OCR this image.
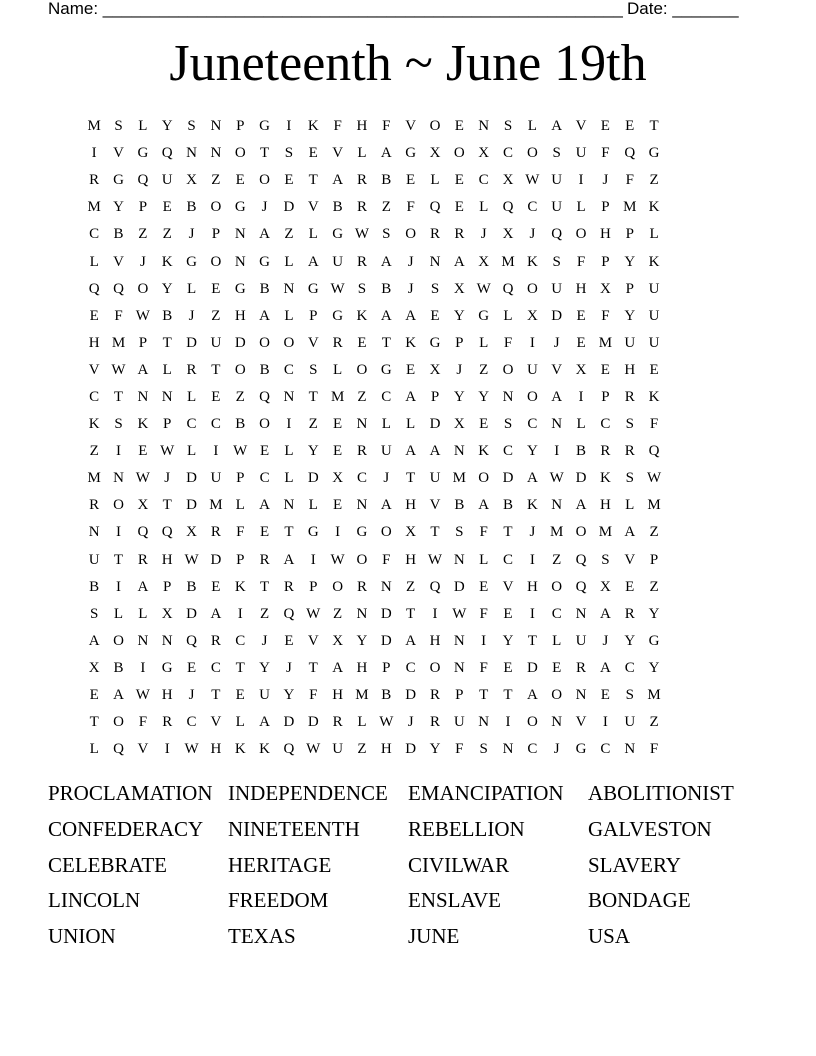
Name: _______________________________________________________ Date: _______
Juneteenth ~ June 19th
M S	L Y S N P G	I	K F H F V O E N S	L A V E	E	T
I	V G Q N N O T	S	E V L A G X O X C O S U F Q G
R G Q U X Z	E O E	T A R B E	L	E C X W U	I	J	F	Z
M Y P	E B O G	J	D V B R Z	F Q E	L Q C U L	P M K
C B Z	Z	J	P N A Z	L G W S O R R	J	X	J	Q O H P	L
L V	J	K G O N G L A U R A	J	N A X M K S	F	P Y K
Q Q O Y L	E G B N G W S	B	J	S X W Q O U H X P U
E	F W B	J	Z H A L	P G K A A E Y G L X D E	F Y U
H M P	T D U D O O V R E	T K G P	L	F	I	J	E M U U
V W A L R T O B C	S	L O G E X	J	Z O U V X E H E
C T N N L	E	Z Q N T M Z C A P Y Y N O A	I	P	R K
K S K P	C C B O	I	Z	E N L	L D X E	S	C N L C	S	F
Z	I	E W L	I W E	L Y E R U A A N K C Y	I	B R R Q
M N W J	D U P	C L D X C	J	T U M O D A W D K S W
R O X T D M L A N L	E N A H V B A B K N A H L M
N	I	Q Q X R	F	E	T G	I	G O X T	S	F	T	J M O M A Z
U T R H W D P	R A	I W O F H W N L C	I	Z Q S V P
B	I	A P	B E K T R	P O R N Z Q D E V H O Q X E	Z
S	L	L X D A	I	Z Q W Z N D T	I W F	E	I	C N A R Y
A O N N Q R C	J	E V X Y D A H N	I	Y T	L U	J	Y G
X B	I	G E C T Y	J	T A H P	C O N F	E D E R A C Y
E A W H	J	T	E U Y F H M B D R	P	T	T A O N E	S M
T O F	R C V L A D D R L W J	R U N	I	O N V	I	U Z
L Q V	I W H K K Q W U Z H D Y F	S N C	J	G C N F
PROCLAMATION INDEPENDENCE EMANCIPATION	ABOLITIONIST
CONFEDERACY	NINETEENTH	REBELLION	GALVESTON
CELEBRATE	HERITAGE	CIVILWAR	SLAVERY
LINCOLN	FREEDOM	ENSLAVE	BONDAGE
UNION	TEXAS	JUNE	USA
